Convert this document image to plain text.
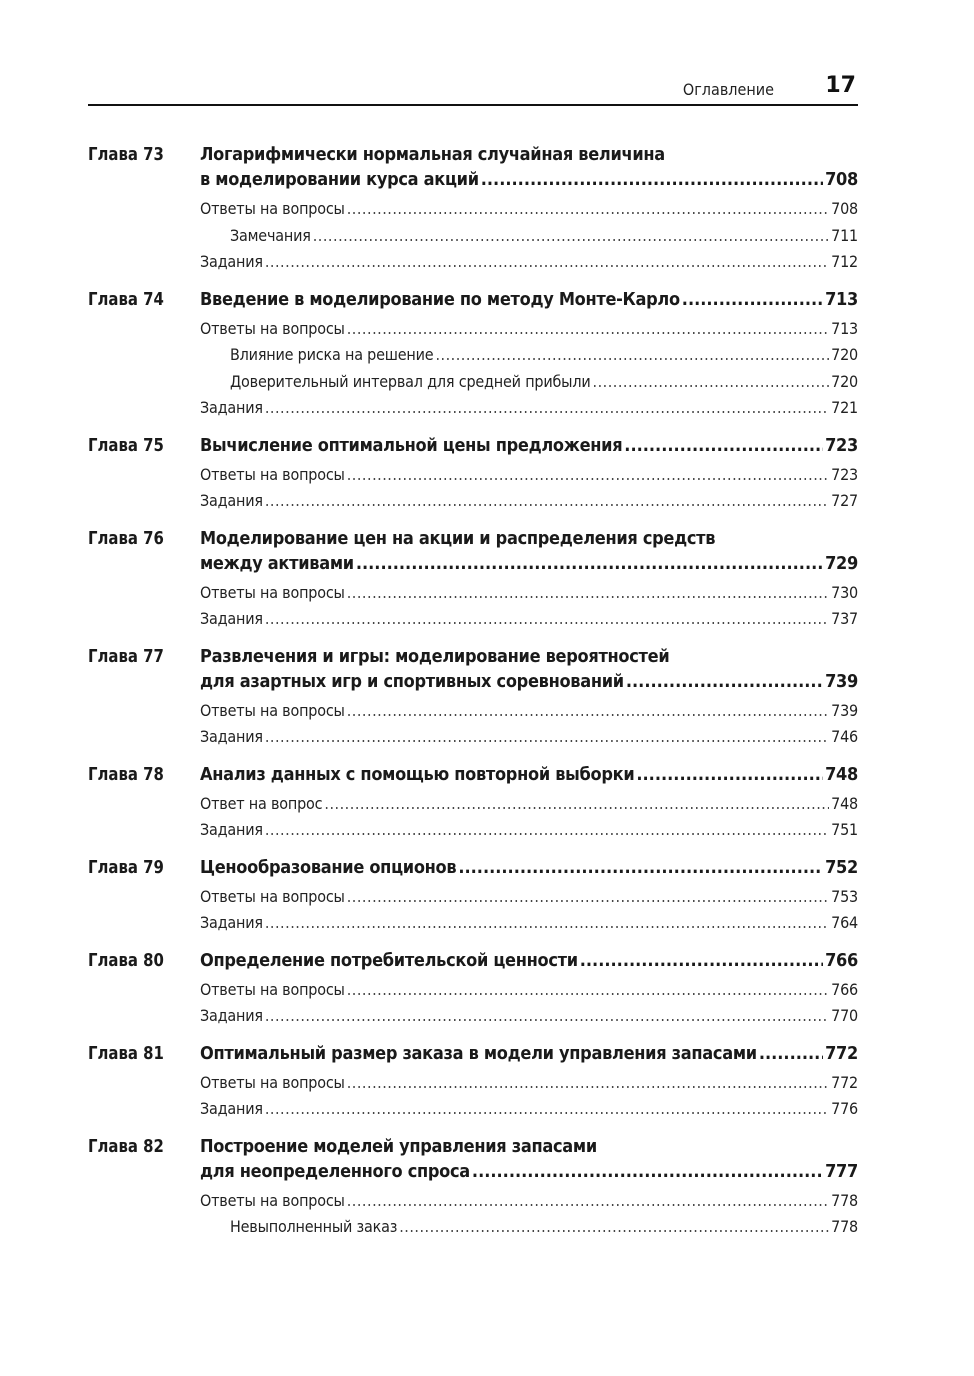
Оглавление 17
Глава 73 Логарифмически нормальная случайная величина
в моделировании курса акций .....	708
Ответы на вопросы .....	708
Замечания .....	711
Задания .....	712
Глава 74 Введение в моделирование по методу Монте-Карло .....	713
Ответы на вопросы .....	713
Влияние риска на решение .....	720
Доверительный интервал для средней прибыли .....	720
Задания .....	721
Глава 75 Вычисление оптимальной цены предложения .....	723
Ответы на вопросы .....	723
Задания .....	727
Глава 76 Моделирование цен на акции и распределения средств
между активами .....	729
Ответы на вопросы .....	730
Задания .....	737
Глава 77 Развлечения и игры: моделирование вероятностей
для азартных игр и спортивных соревнований .....	739
Ответы на вопросы .....	739
Задания .....	746
Глава 78 Анализ данных с помощью повторной выборки .....	748
Ответ на вопрос .....	748
Задания .....	751
Глава 79 Ценообразование опционов .....	752
Ответы на вопросы .....	753
Задания .....	764
Глава 80 Определение потребительской ценности .....	766
Ответы на вопросы .....	766
Задания .....	770
Глава 81 Оптимальный размер заказа в модели управления запасами .....	772
Ответы на вопросы .....	772
Задания .....	776
Глава 82 Построение моделей управления запасами
для неопределенного спроса .....	777
Ответы на вопросы .....	778
Невыполненный заказ .....	778
